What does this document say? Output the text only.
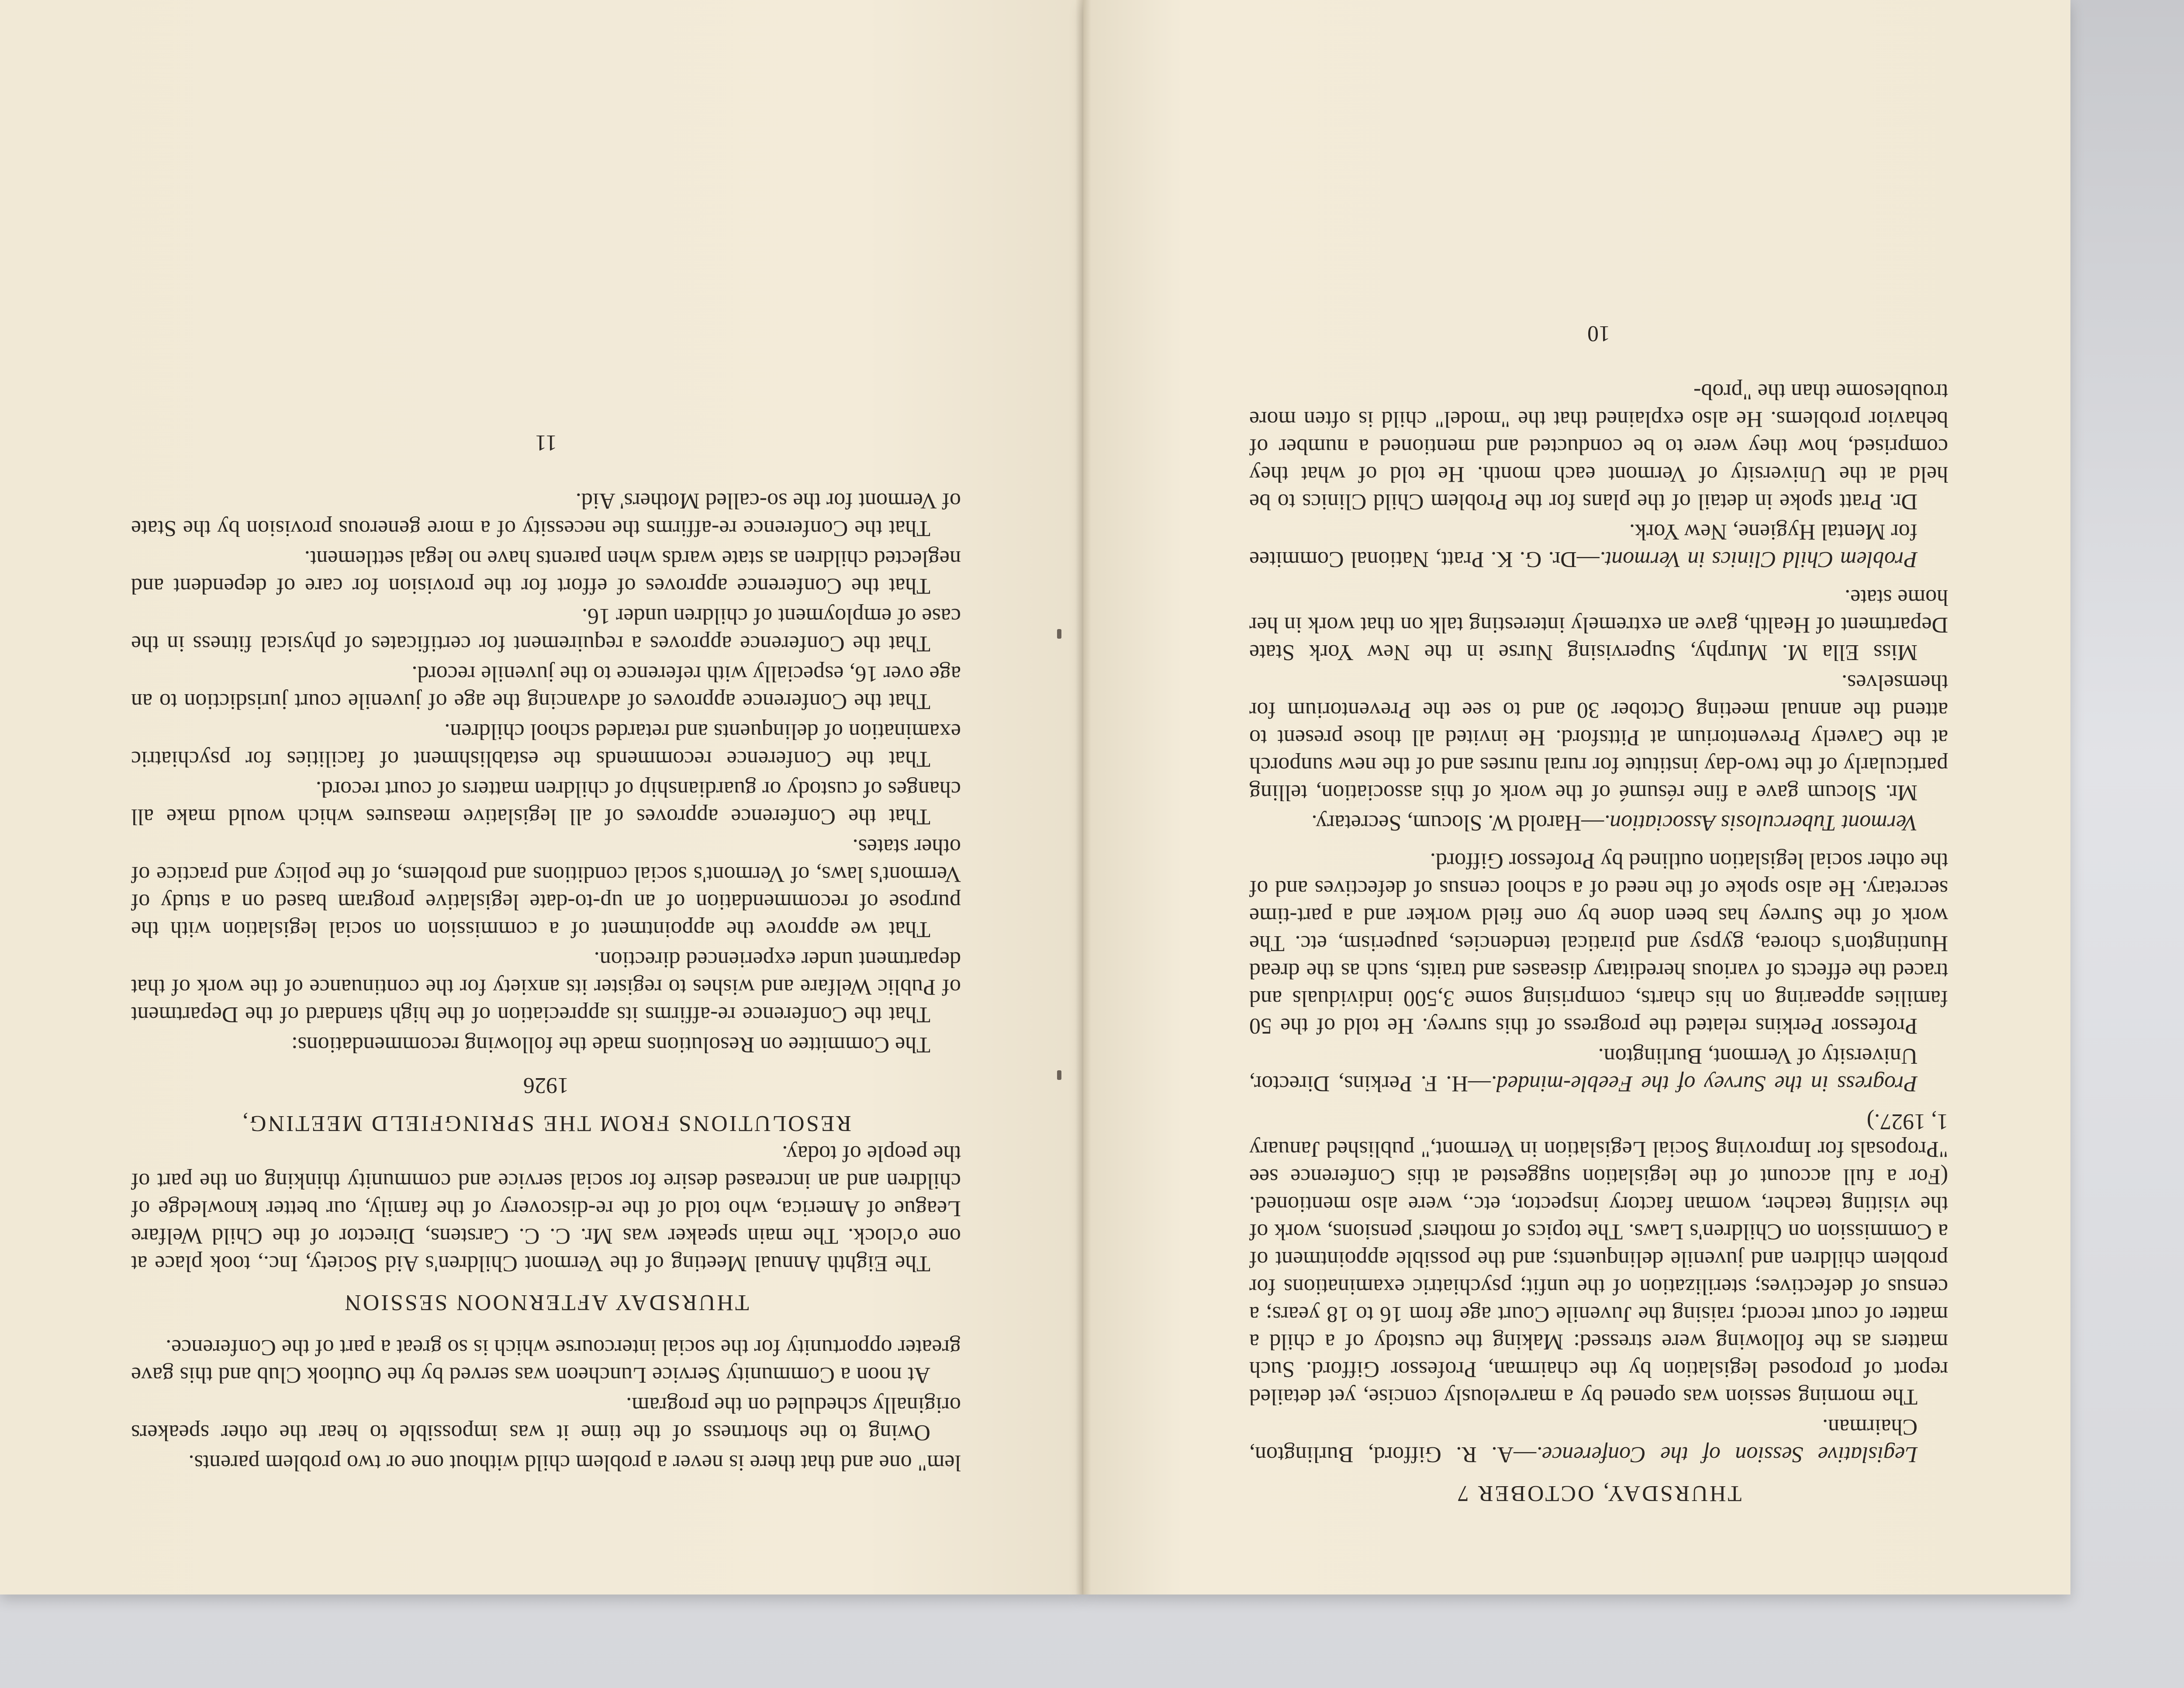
lem" one and that there is never a problem child without one or two problem parents.

Owing to the shortness of the time it was impossible to hear the other speakers originally scheduled on the program.

At noon a Community Service Luncheon was served by the Outlook Club and this gave greater opportunity for the social intercourse which is so great a part of the Conference.

THURSDAY AFTERNOON SESSION

The Eighth Annual Meeting of the Vermont Children's Aid Society, Inc., took place at one o'clock. The main speaker was Mr. C. C. Carstens, Director of the Child Welfare League of America, who told of the re-discovery of the family, our better knowledge of children and an increased desire for social service and community thinking on the part of the people of today.

RESOLUTIONS FROM THE SPRINGFIELD MEETING,
1926

The Committee on Resolutions made the following recommendations:

That the Conference re-affirms its appreciation of the high standard of the Department of Public Welfare and wishes to register its anxiety for the continuance of the work of that department under experienced direction.

That we approve the appointment of a commission on social legislation with the purpose of recommendation of an up-to-date legislative program based on a study of Vermont's laws, of Vermont's social conditions and problems, of the policy and practice of other states.

That the Conference approves of all legislative measures which would make all changes of custody or guardianship of children matters of court record.

That the Conference recommends the establishment of facilities for psychiatric examination of delinquents and retarded school children.

That the Conference approves of advancing the age of juvenile court jurisdiction to an age over 16, especially with reference to the juvenile record.

That the Conference approves a requirement for certificates of physical fitness in the case of employment of children under 16.

That the Conference approves of effort for the provision for care of dependent and neglected children as state wards when parents have no legal settlement.

That the Conference re-affirms the necessity of a more generous provision by the State of Vermont for the so-called Mothers' Aid.

11
THURSDAY, OCTOBER 7
Legislative Session of the Conference.—A. R. Gifford, Burlington, Chairman.

The morning session was opened by a marvelously concise, yet detailed report of proposed legislation by the chairman, Professor Gifford. Such matters as the following were stressed: Making the custody of a child a matter of court record; raising the Juvenile Court age from 16 to 18 years; a census of defectives; sterilization of the unfit; psychiatric examinations for problem children and juvenile delinquents; and the possible appointment of a Commission on Children's Laws. The topics of mothers' pensions, work of the visiting teacher, woman factory inspector, etc., were also mentioned. (For a full account of the legislation suggested at this Conference see "Proposals for Improving Social Legislation in Vermont," published January 1, 1927.)

Progress in the Survey of the Feeble-minded.—H. F. Perkins, Director, University of Vermont, Burlington.

Professor Perkins related the progress of this survey. He told of the 50 families appearing on his charts, comprising some 3,500 individuals and traced the effects of various hereditary diseases and traits, such as the dread Huntington's chorea, gypsy and piratical tendencies, pauperism, etc. The work of the Survey has been done by one field worker and a part-time secretary. He also spoke of the need of a school census of defectives and of the other social legislation outlined by Professor Gifford.

Vermont Tuberculosis Association.—Harold W. Slocum, Secretary.

Mr. Slocum gave a fine résumé of the work of this association, telling particularly of the two-day institute for rural nurses and of the new sunporch at the Caverly Preventorium at Pittsford. He invited all those present to attend the annual meeting October 30 and to see the Preventorium for themselves.

Miss Ella M. Murphy, Supervising Nurse in the New York State Department of Health, gave an extremely interesting talk on that work in her home state.

Problem Child Clinics in Vermont.—Dr. G. K. Pratt, National Commitee for Mental Hygiene, New York.

Dr. Pratt spoke in detail of the plans for the Problem Child Clinics to be held at the University of Vermont each month. He told of what they comprised, how they were to be conducted and mentioned a number of behavior problems. He also explained that the "model" child is often more troublesome than the "prob-

10
